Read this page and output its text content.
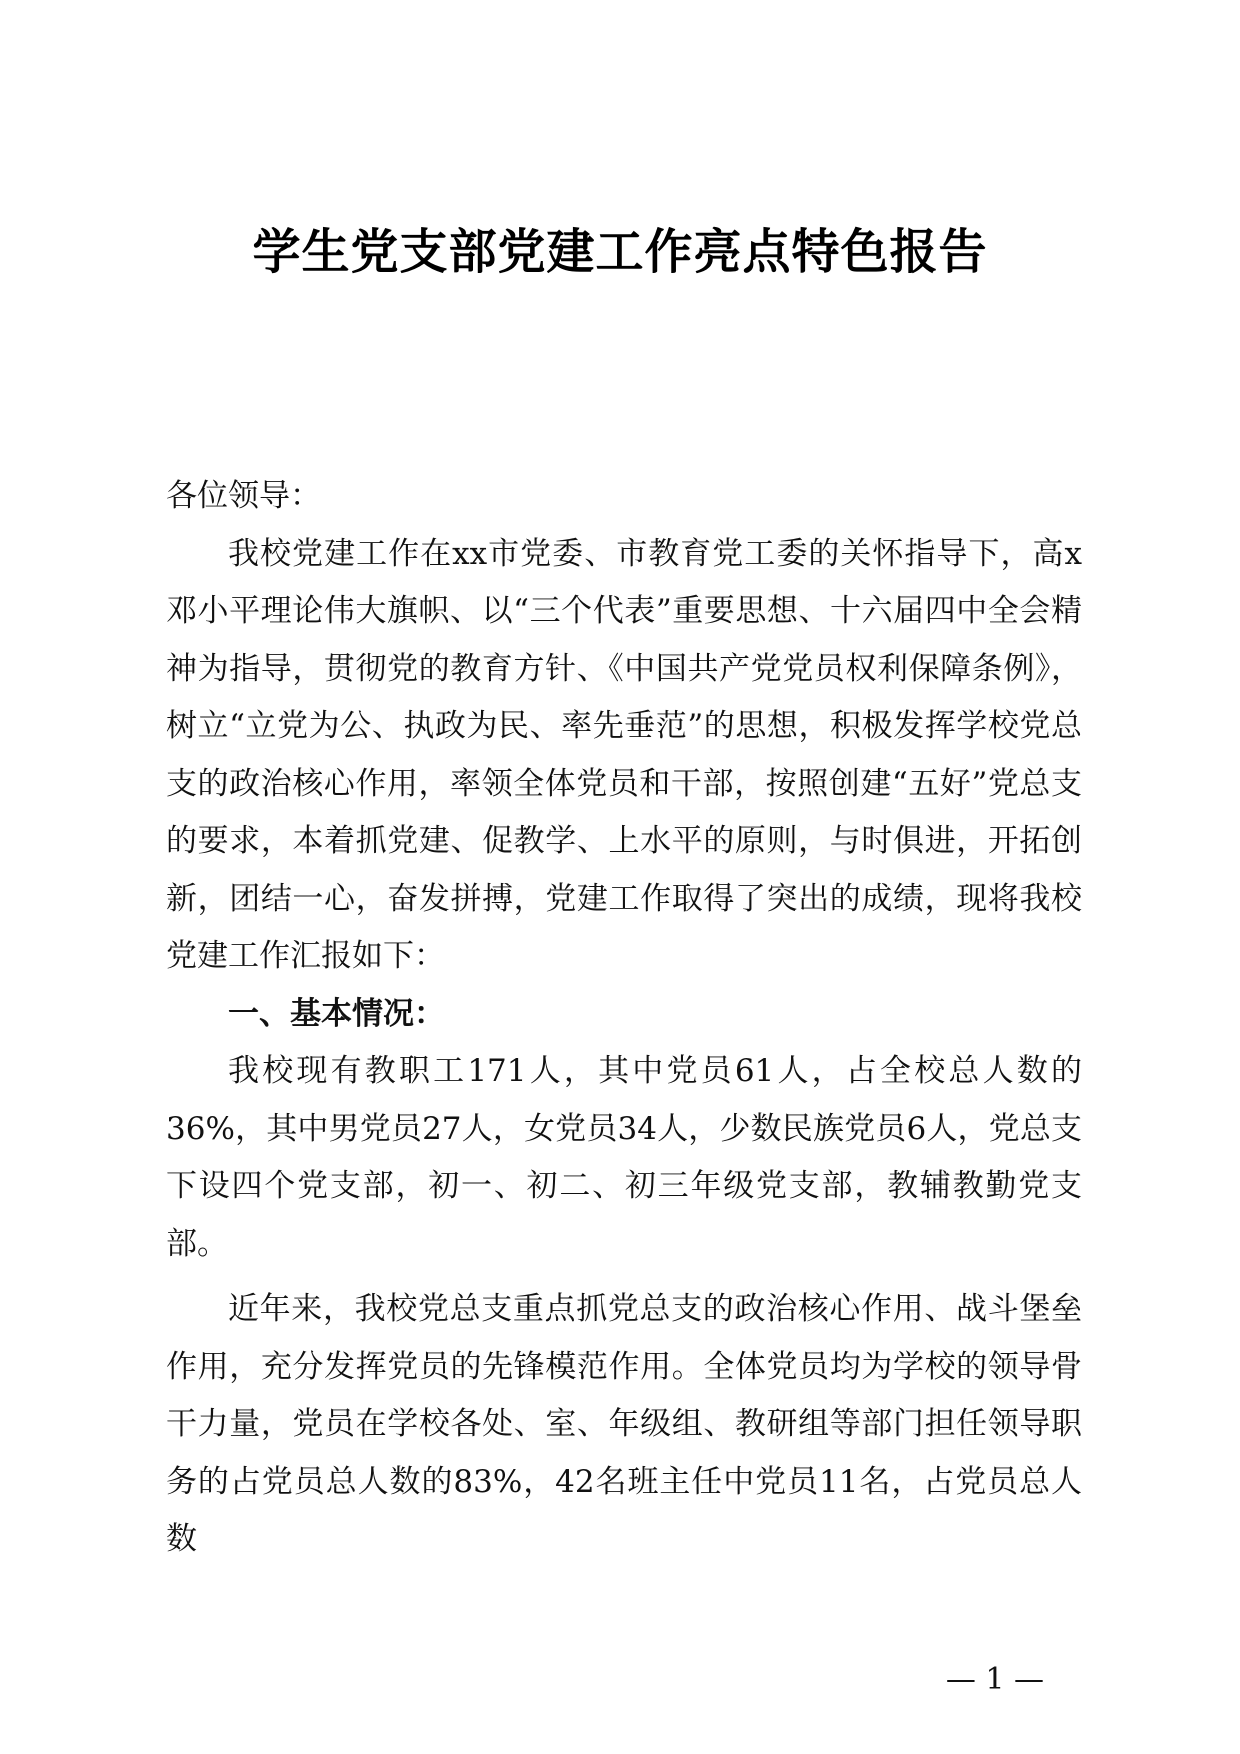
学生党支部党建工作亮点特色报告

各位领导：

我校党建工作在xx市党委、市教育党工委的关怀指导下，高x邓小平理论伟大旗帜、以“三个代表”重要思想、十六届四中全会精神为指导，贯彻党的教育方针、《中国共产党党员权利保障条例》，树立“立党为公、执政为民、率先垂范”的思想，积极发挥学校党总支的政治核心作用，率领全体党员和干部，按照创建“五好”党总支的要求，本着抓党建、促教学、上水平的原则，与时俱进，开拓创新，团结一心，奋发拼搏，党建工作取得了突出的成绩，现将我校党建工作汇报如下：

一、基本情况：

我校现有教职工171人，其中党员61人，占全校总人数的36%，其中男党员27人，女党员34人，少数民族党员6人，党总支下设四个党支部，初一、初二、初三年级党支部，教辅教勤党支部。

近年来，我校党总支重点抓党总支的政治核心作用、战斗堡垒作用，充分发挥党员的先锋模范作用。全体党员均为学校的领导骨干力量，党员在学校各处、室、年级组、教研组等部门担任领导职务的占党员总人数的83%，42名班主任中党员11名，占党员总人数

— 1 —
